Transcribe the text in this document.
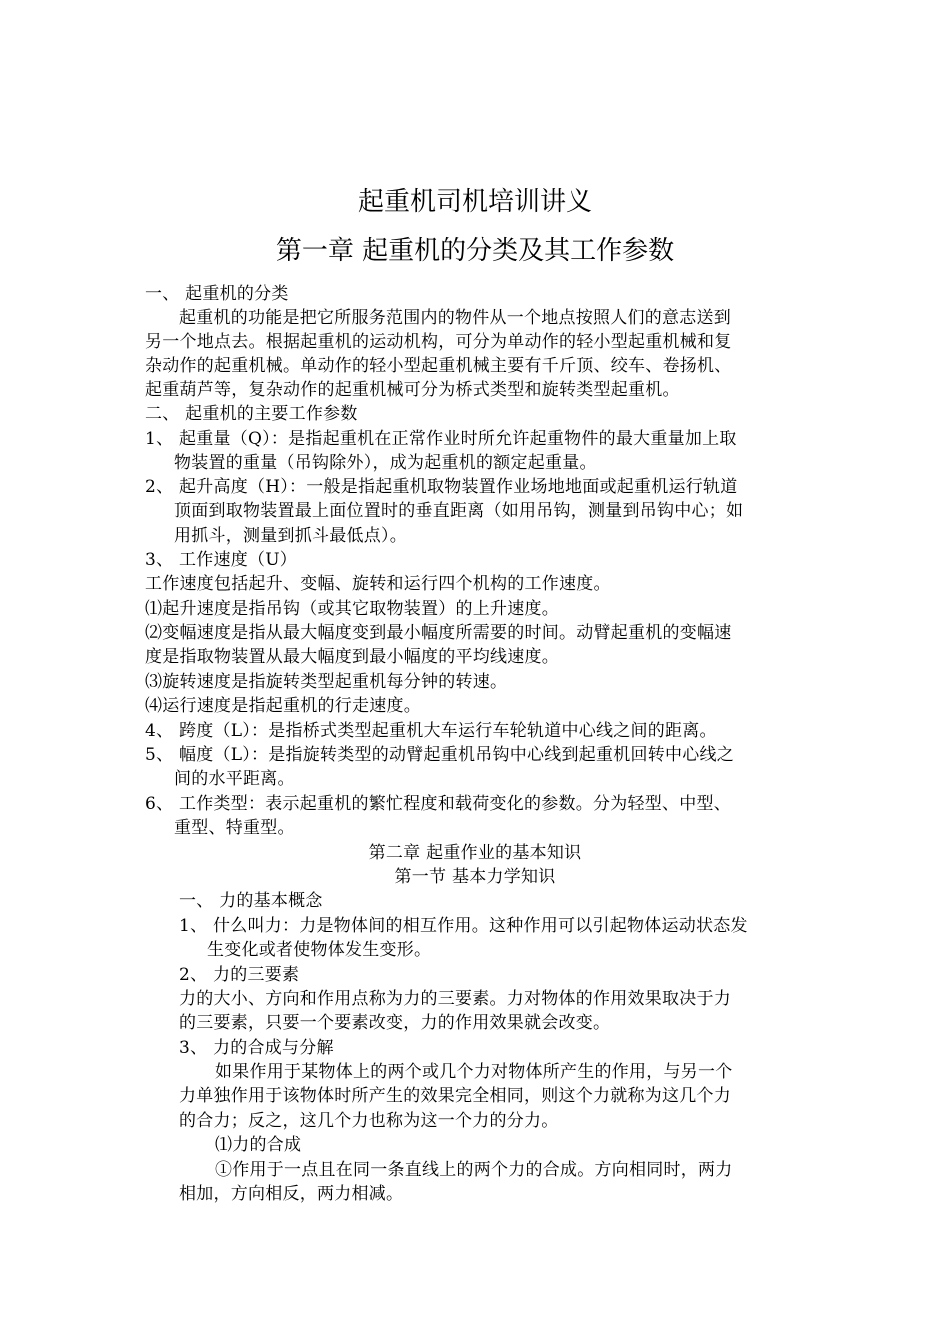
起重机司机培训讲义
第一章 起重机的分类及其工作参数
一、 起重机的分类
起重机的功能是把它所服务范围内的物件从一个地点按照人们的意志送到
另一个地点去。根据起重机的运动机构，可分为单动作的轻小型起重机械和复
杂动作的起重机械。单动作的轻小型起重机械主要有千斤顶、绞车、卷扬机、
起重葫芦等，复杂动作的起重机械可分为桥式类型和旋转类型起重机。
二、 起重机的主要工作参数
1、 起重量（Q）：是指起重机在正常作业时所允许起重物件的最大重量加上取
物装置的重量（吊钩除外），成为起重机的额定起重量。
2、 起升高度（H）：一般是指起重机取物装置作业场地地面或起重机运行轨道
顶面到取物装置最上面位置时的垂直距离（如用吊钩，测量到吊钩中心；如
用抓斗，测量到抓斗最低点）。
3、 工作速度（U）
工作速度包括起升、变幅、旋转和运行四个机构的工作速度。
⑴起升速度是指吊钩（或其它取物装置）的上升速度。
⑵变幅速度是指从最大幅度变到最小幅度所需要的时间。动臂起重机的变幅速
度是指取物装置从最大幅度到最小幅度的平均线速度。
⑶旋转速度是指旋转类型起重机每分钟的转速。
⑷运行速度是指起重机的行走速度。
4、 跨度（L）：是指桥式类型起重机大车运行车轮轨道中心线之间的距离。
5、 幅度（L）：是指旋转类型的动臂起重机吊钩中心线到起重机回转中心线之
间的水平距离。
6、 工作类型：表示起重机的繁忙程度和载荷变化的参数。分为轻型、中型、
重型、特重型。
第二章 起重作业的基本知识
第一节 基本力学知识
一、 力的基本概念
1、 什么叫力：力是物体间的相互作用。这种作用可以引起物体运动状态发
生变化或者使物体发生变形。
2、 力的三要素
力的大小、方向和作用点称为力的三要素。力对物体的作用效果取决于力
的三要素，只要一个要素改变，力的作用效果就会改变。
3、 力的合成与分解
如果作用于某物体上的两个或几个力对物体所产生的作用，与另一个
力单独作用于该物体时所产生的效果完全相同，则这个力就称为这几个力
的合力；反之，这几个力也称为这一个力的分力。
⑴力的合成
①作用于一点且在同一条直线上的两个力的合成。方向相同时，两力
相加，方向相反，两力相减。
